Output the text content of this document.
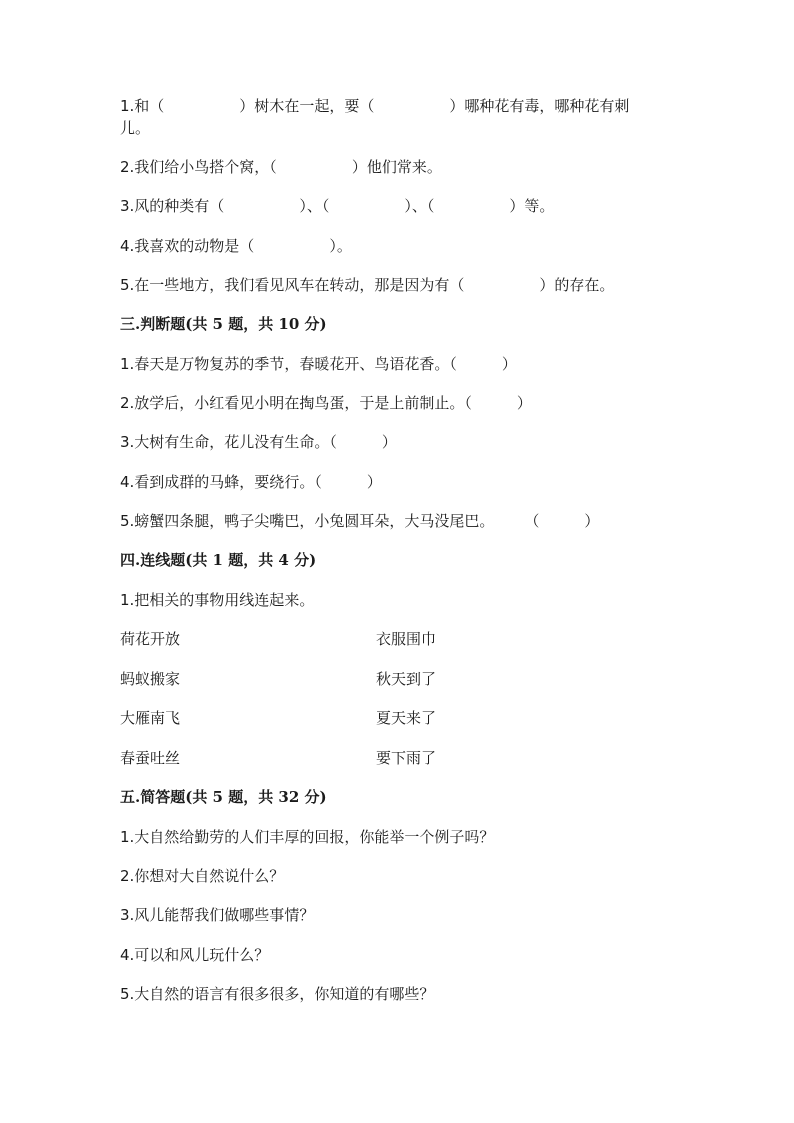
1.和（　　　　　）树木在一起，要（　　　　　）哪种花有毒，哪种花有刺
儿。
2.我们给小鸟搭个窝，（　　　　　）他们常来。
3.风的种类有（　　　　　）、（　　　　　）、（　　　　　）等。
4.我喜欢的动物是（　　　　　）。
5.在一些地方，我们看见风车在转动，那是因为有（　　　　　）的存在。
三.判断题(共 5 题，共 10 分)
1.春天是万物复苏的季节，春暖花开、鸟语花香。（　　　）
2.放学后，小红看见小明在掏鸟蛋，于是上前制止。（　　　）
3.大树有生命，花儿没有生命。（　　　）
4.看到成群的马蜂，要绕行。（　　　）
5.螃蟹四条腿，鸭子尖嘴巴，小兔圆耳朵，大马没尾巴。　　　（　　　）
四.连线题(共 1 题，共 4 分)
1.把相关的事物用线连起来。
荷花开放	衣服围巾
蚂蚁搬家	秋天到了
大雁南飞	夏天来了
春蚕吐丝	要下雨了
五.简答题(共 5 题，共 32 分)
1.大自然给勤劳的人们丰厚的回报，你能举一个例子吗？
2.你想对大自然说什么？
3.风儿能帮我们做哪些事情？
4.可以和风儿玩什么？
5.大自然的语言有很多很多，你知道的有哪些？
